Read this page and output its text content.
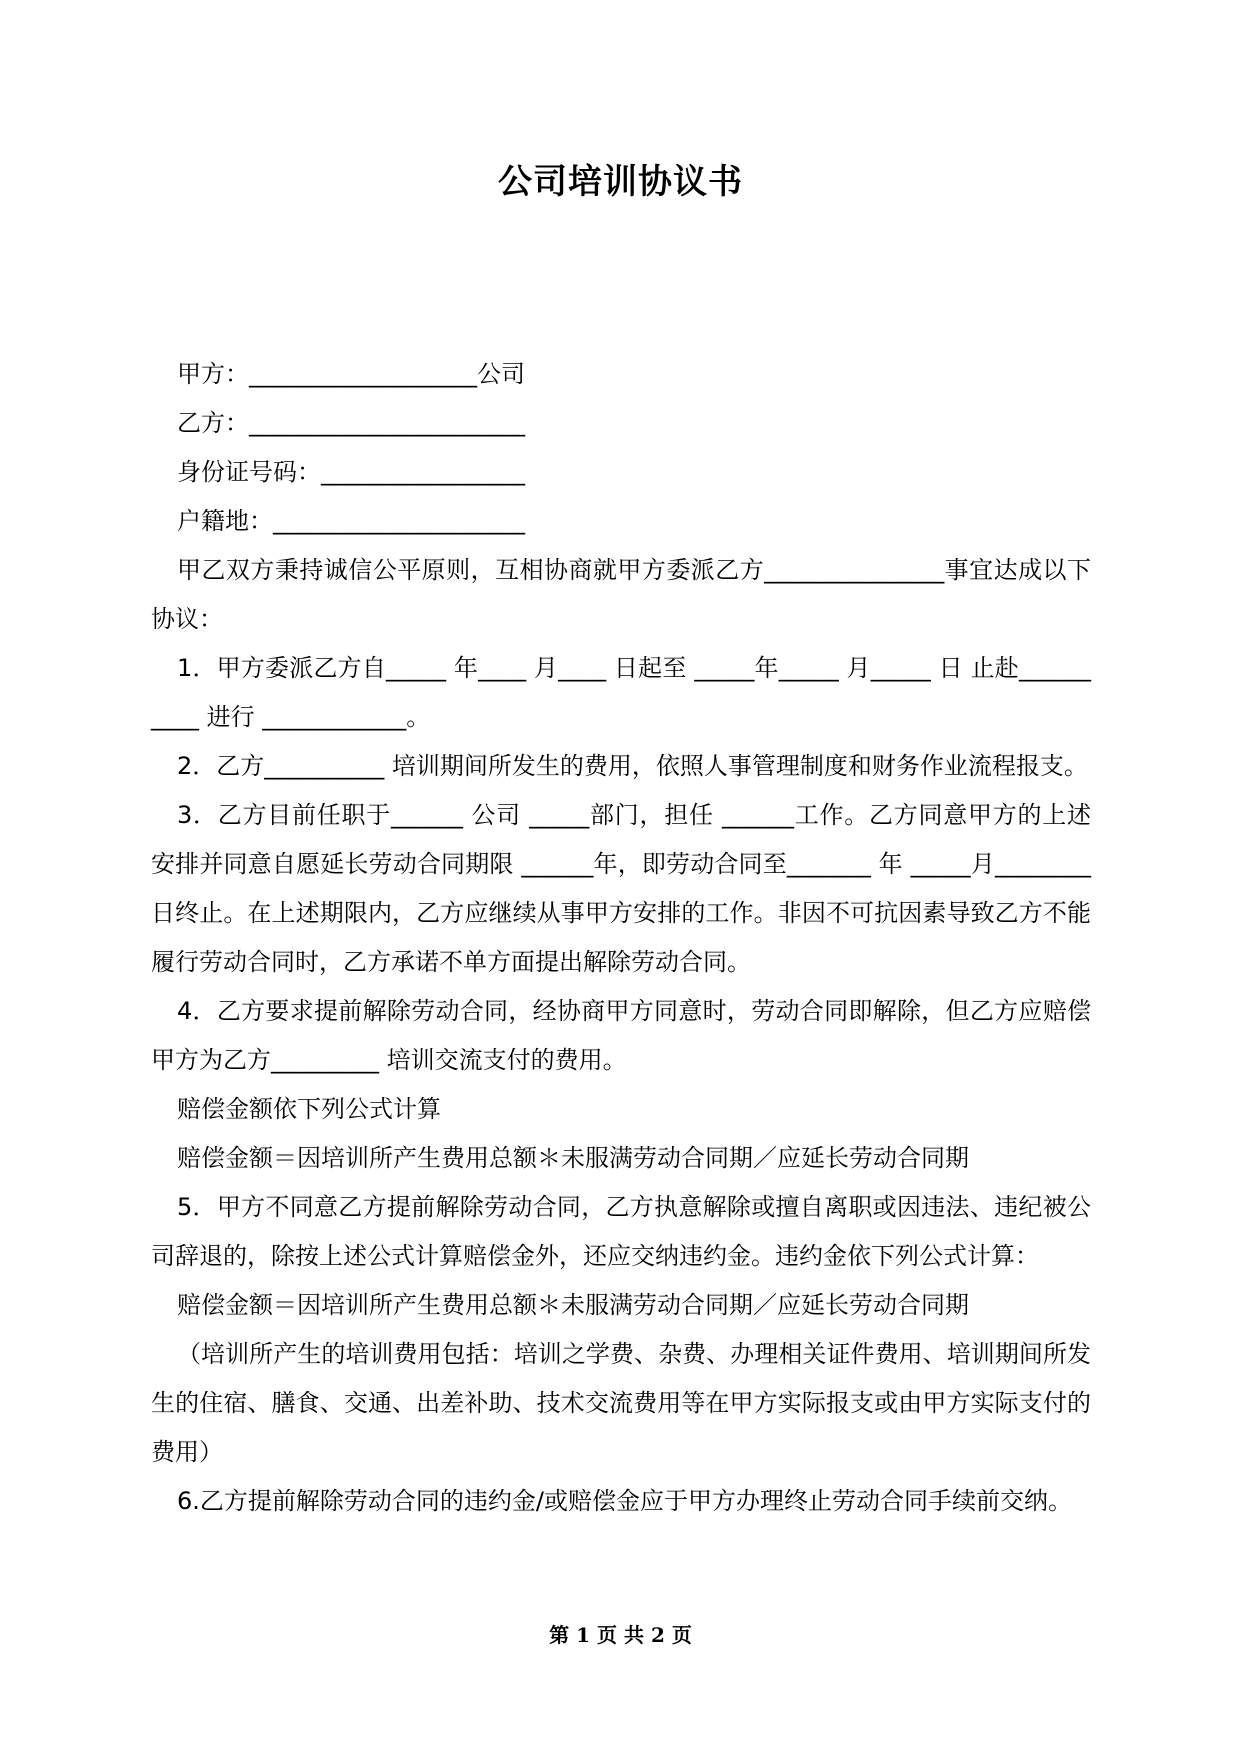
公司培训协议书

甲方：___________________公司

乙方：_______________________

身份证号码：_________________

户籍地：_____________________

甲乙双方秉持诚信公平原则，互相协商就甲方委派乙方_______________事宜达成以下协议：

1．甲方委派乙方自_____ 年____ 月____ 日起至 _____年_____ 月_____ 日 止赴__________ 进行 ____________。

2．乙方__________ 培训期间所发生的费用，依照人事管理制度和财务作业流程报支。

3．乙方目前任职于______ 公司 _____部门，担任 ______工作。乙方同意甲方的上述安排并同意自愿延长劳动合同期限 ______年，即劳动合同至_______ 年 _____月________ 日终止。在上述期限内，乙方应继续从事甲方安排的工作。非因不可抗因素导致乙方不能履行劳动合同时，乙方承诺不单方面提出解除劳动合同。

4．乙方要求提前解除劳动合同，经协商甲方同意时，劳动合同即解除，但乙方应赔偿甲方为乙方_________ 培训交流支付的费用。

赔偿金额依下列公式计算

赔偿金额＝因培训所产生费用总额＊未服满劳动合同期／应延长劳动合同期

5．甲方不同意乙方提前解除劳动合同，乙方执意解除或擅自离职或因违法、违纪被公司辞退的，除按上述公式计算赔偿金外，还应交纳违约金。违约金依下列公式计算：

赔偿金额＝因培训所产生费用总额＊未服满劳动合同期／应延长劳动合同期

（培训所产生的培训费用包括：培训之学费、杂费、办理相关证件费用、培训期间所发生的住宿、膳食、交通、出差补助、技术交流费用等在甲方实际报支或由甲方实际支付的费用）

6.乙方提前解除劳动合同的违约金/或赔偿金应于甲方办理终止劳动合同手续前交纳。

第 1 页 共 2 页
